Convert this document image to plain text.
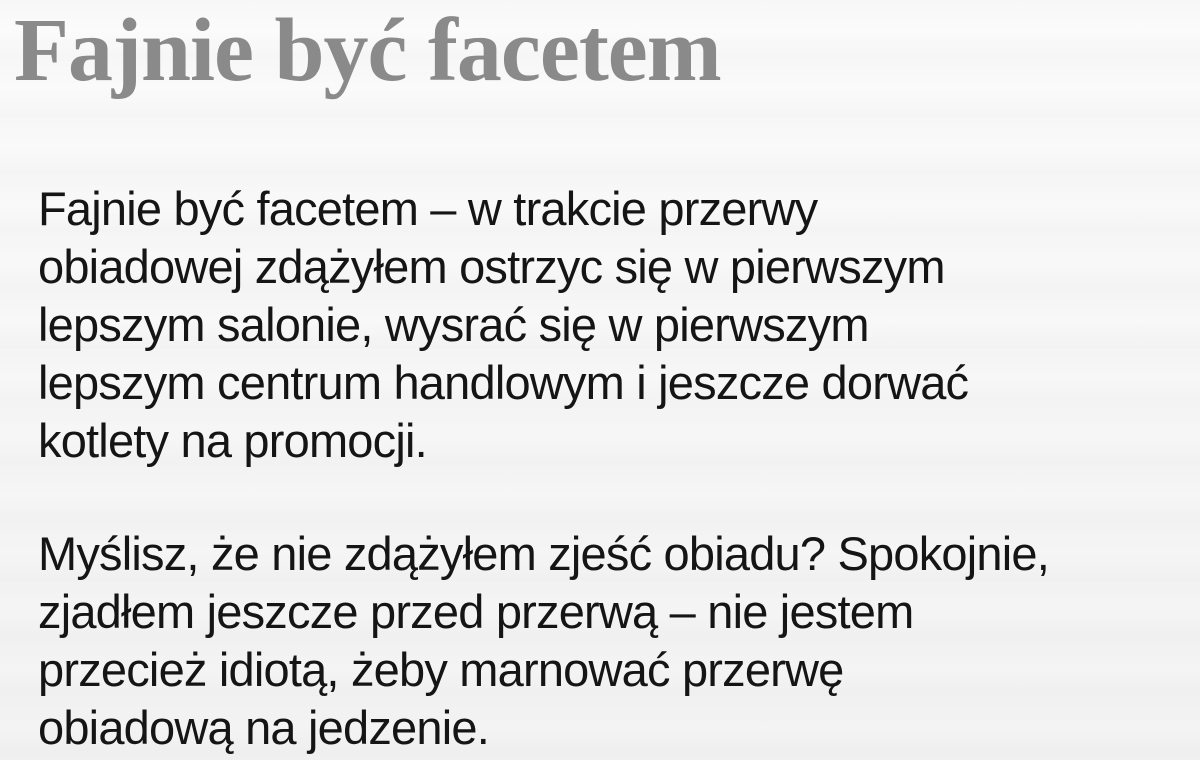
Fajnie być facetem
Fajnie być facetem – w trakcie przerwy
obiadowej zdążyłem ostrzyc się w pierwszym
lepszym salonie, wysrać się w pierwszym
lepszym centrum handlowym i jeszcze dorwać
kotlety na promocji.
Myślisz, że nie zdążyłem zjeść obiadu? Spokojnie,
zjadłem jeszcze przed przerwą – nie jestem
przecież idiotą, żeby marnować przerwę
obiadową na jedzenie.
